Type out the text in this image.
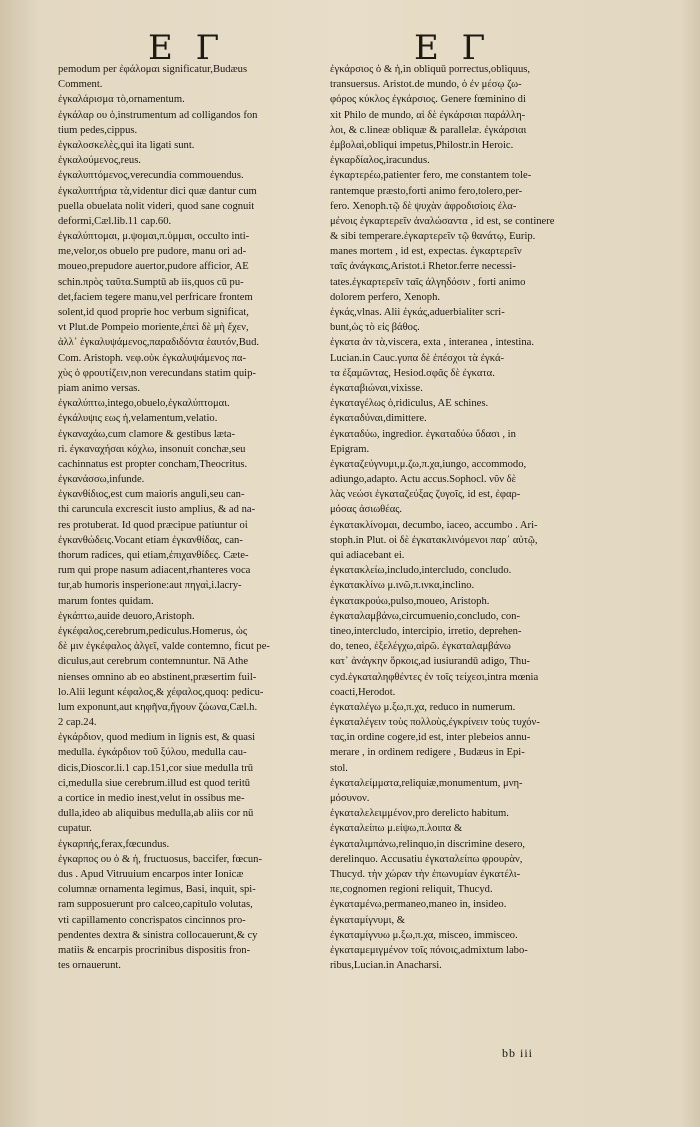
E Γ	E Γ
pemodum per ἐφάλομαι significatur,Budæus
Comment.
ἐγκαλάρισμα τὸ,ornamentum.
ἐγκάλαρ ου ὁ,instrumentum ad colligandos fon
tium pedes,cippus.
ἐγκαλοσκελὲς,qui ita ligati sunt.
ἐγκαλούμενος,reus.
ἐγκαλυπτόμενος,verecundia commouendus.
ἐγκαλυπτήρια τὰ,videntur dici quæ dantur cum
puella obuelata nolit videri, quod sane cognuit
deformi,Cæl.lib.11 cap.60.
ἐγκαλύπτομαι, μ.ψομαι,π.ὑμμαι, occulto inti-
me,velor,os obuelo pre pudore, manu ori ad-
moueo,prepudore auertor,pudore afficior, AE
schin.πρὸς ταῦτα.Sumptū ab iis,quos cū pu-
det,faciem tegere manu,vel perfricare frontem
solent,id quod proprie hoc verbum significat,
vt Plut.de Pompeio moriente,ἐπεὶ δὲ μὴ ἔχεν,
ἀλλ᾽ ἐγκαλυψάμενος,παραδιδόντα ἑαυτόν,Bud.
Com. Aristoph. νεφ.οὐκ ἐγκαλυψάμενος πα-
χὺς ὁ φρουτίζειν,non verecundans statim quip-
piam animo versas.
ἐγκαλύπτω,intego,obuelo,ἐγκαλύπτομαι.
ἐγκάλυψις εως ἡ,velamentum,velatio.
ἐγκαναχάω,cum clamore & gestibus læta-
ri. ἐγκαναχήσαι κόχλω, insonuit conchæ,seu
cachinnatus est propter concham,Theocritus.
ἐγκανάσσω,infunde.
ἐγκανθίδιος,est cum maioris anguli,seu can-
thi caruncula excrescit iusto amplius, & ad na-
res protuberat. Id quod præcipue patiuntur οἱ
ἐγκανθώδεις.Vocant etiam ἐγκανθίδας, can-
thorum radices, qui etiam,ἐπιχανθίδες. Cæte-
rum qui prope nasum adiacent,rhanteres voca
tur,ab humoris insperione:aut πηγαὶ,i.lacry-
marum fontes quidam.
ἐγκάπτω,auide deuoro,Aristoph.
ἐγκέφαλος,cerebrum,pediculus.Homerus, ὡς
δὲ μιν ἐγκέφαλος ἀλγεῖ, valde contemno, ficut pe-
diculus,aut cerebrum contemnuntur. Nā Athe
nienses omnino ab eo abstinent,præsertim fuil-
lo.Alii legunt κέφαλος,& χέφαλος,quoq: pedicu-
lum exponunt,aut κηφῆνα,ἤγουν ζώωνα,Cæl.h.
2 cap.24.
ἐγκάρδιον, quod medium in lignis est, & quasi
medulla. ἐγκάρδιον τοῦ ξύλου, medulla cau-
dicis,Dioscor.li.1 cap.151,cor siue medulla trū
ci,medulla siue cerebrum.illud est quod teritū
a cortice in medio inest,velut in ossibus me-
dulla,ideo ab aliquibus medulla,ab aliis cor nū
cupatur.
ἐγκαρπής,ferax,fœcundus.
ἐγκαρπος ου ὁ & ἡ, fructuosus, baccifer, fœcun-
dus . Apud Vitruuium encarpos inter Ionicæ
columnæ ornamenta legimus, Basi, inquit, spi-
ram supposuerunt pro calceo,capitulo volutas,
vti capillamento concrispatos cincinnos pro-
pendentes dextra & sinistra collocauerunt,& cy
matiis & encarpis procrinibus dispositis fron-
tes ornauerunt.
ἐγκάρσιος ὁ & ἡ,in obliquū porrectus,obliquus,
transuersus. Aristot.de mundo, ὁ ἐν μέσῳ ζω-
φόρος κύκλος ἐγκάρσιος. Genere fœminino di
xit Philo de mundo, αἱ δὲ ἐγκάρσιαι παράλλη-
λοι, & c.lineæ obliquæ & parallelæ. ἐγκάρσιαι
ἐμβολαὶ,obliqui impetus,Philostr.in Heroic.
ἐγκαρδίαλος,iracundus.
ἐγκαρτερέω,patienter fero, me constantem tole-
rantemque præsto,forti animo fero,tolero,per-
fero. Xenoph.τῷ δὲ ψυχὰν ἀφροδισίοις ἐλα-
μένοις ἐγκαρτερεῖν ἀναλώσαντα , id est, se continere
& sibi temperare.ἐγκαρτερεῖν τῷ θανάτῳ, Eurip.
manes mortem , id est, expectas. ἐγκαρτερεῖν
ταῖς ἀνάγκαις,Aristot.i Rhetor.ferre necessi-
tates.ἐγκαρτερεῖν ταῖς ἀλγηδόσιν , forti animo
dolorem perfero, Xenoph.
ἐγκάς,vlnas. Alii ἐγκάς,aduerbialiter scri-
bunt,ὡς τὸ εἰς βάθος.
ἐγκατα ἀν τὰ,viscera, exta , interanea , intestina.
Lucian.in Cauc.γυπα δὲ ἐπέσχοι τὰ ἐγκά-
τα ἐξαμῶντας, Hesiod.σφᾶς δὲ ἐγκατα.
ἐγκαταβιώναι,vixisse.
ἐγκαταγέλως ὁ,ridiculus, AE schines.
ἐγκαταδύναι,dimittere.
ἐγκαταδύω, ingredior. ἐγκαταδύω ὕδασι , in
Epigram.
ἐγκαταζεύγνυμι,μ.ζω,π.χα,iungo, accommodo,
adiungo,adapto. Actu accus.Sophocl. νῦν δὲ
λὰς νεώσι ἐγκαταζεύξας ζυγοῖς, id est, ἐφαρ-
μόσας ἀσιωθέας.
ἐγκατακλίνομαι, decumbo, iaceo, accumbo . Ari-
stoph.in Plut. οἱ δὲ ἐγκατακλινόμενοι παρ᾽ αὐτῷ,
qui adiacebant ei.
ἐγκατακλείω,includo,intercludo, concludo.
ἐγκατακλίνω μ.ινῶ,π.ινκα,inclino.
ἐγκατακρούω,pulso,moueo, Aristoph.
ἐγκαταλαμβάνω,circumuenio,concludo, con-
tineo,intercludo, intercipio, irretio, deprehen-
do, teneo, ἐξελέγχω,αἱρῶ. ἐγκαταλαμβάνω
κατ᾽ ἀνάγκην ὅρκοις,ad iusiurandū adigo, Thu-
cyd.ἐγκαταληφθέντες ἐν τοῖς τείχεσι,intra mœnia
coacti,Herodot.
ἐγκαταλέγω μ.ξω,π.χα, reduco in numerum.
ἐγκαταλέγειν τοὺς πολλοὺς,ἐγκρίνειν τοὺς τυχόν-
τας,in ordine cogere,id est, inter plebeios annu-
merare , in ordinem redigere , Budæus in Epi-
stol.
ἐγκαταλείμματα,reliquiæ,monumentum, μνη-
μόσυνον.
ἐγκαταλελειμμένον,pro derelicto habitum.
ἐγκαταλείπω μ.είψω,π.λοιπα &
ἐγκαταλιμπάνω,relinquo,in discrimine desero,
derelinquo. Accusatiu ἐγκαταλείπω φρουρὰν,
Thucyd. τὴν χώραν τὴν ἐπωνυμίαν ἐγκατέλι-
πε,cognomen regioni reliquit, Thucyd.
ἐγκαταμένω,permaneo,maneo in, insideo.
ἐγκαταμίγνυμι, &
ἐγκαταμίγνυω μ.ξω,π.χα, misceo, immisceo.
ἐγκαταμεμιγμένον τοῖς πόνοις,admixtum labo-
ribus,Lucian.in Anacharsi.
bb iii
